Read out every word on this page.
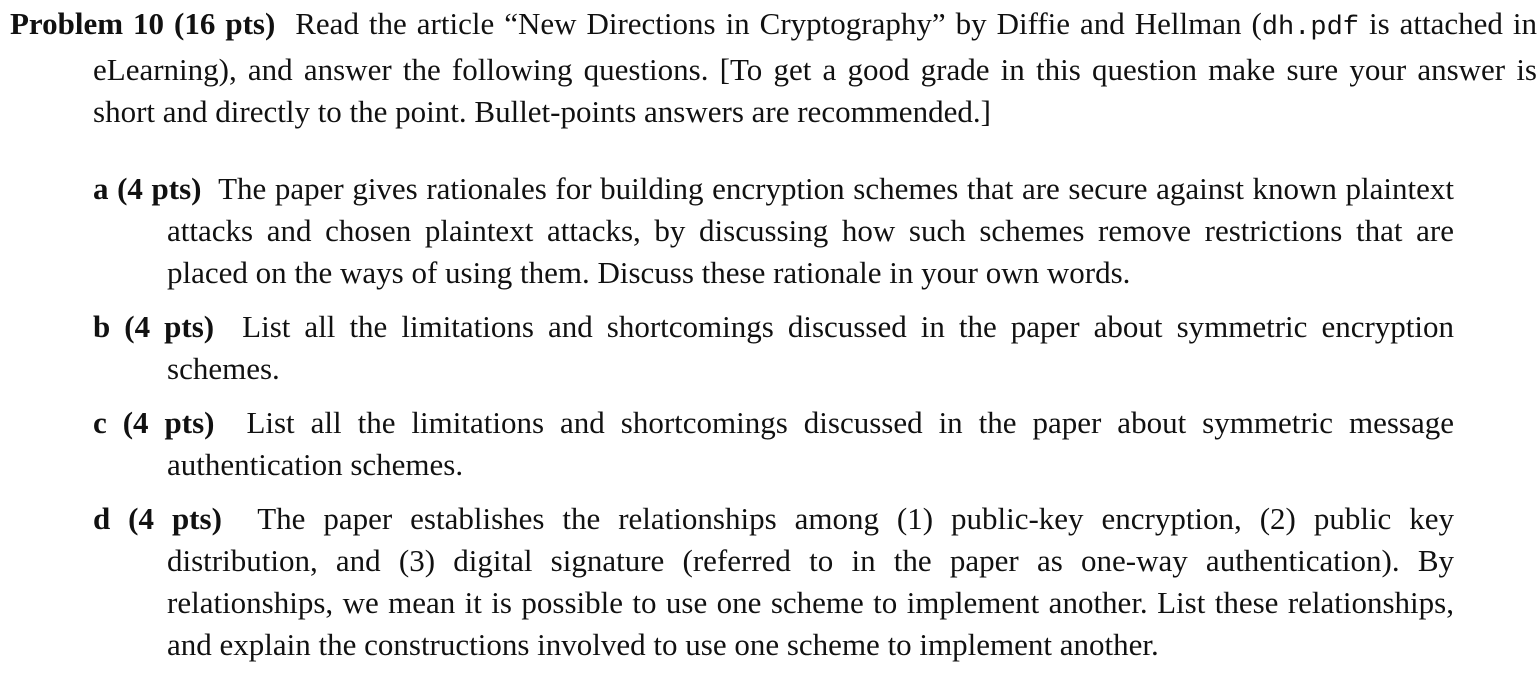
Problem 10 (16 pts) Read the article “New Directions in Cryptography” by Diffie and Hellman (dh.pdf is attached in eLearning), and answer the following questions. [To get a good grade in this question make sure your answer is short and directly to the point. Bullet-points answers are recommended.]
a (4 pts) The paper gives rationales for building encryption schemes that are secure against known plaintext attacks and chosen plaintext attacks, by discussing how such schemes remove restrictions that are placed on the ways of using them. Discuss these rationale in your own words.
b (4 pts) List all the limitations and shortcomings discussed in the paper about symmetric encryption schemes.
c (4 pts) List all the limitations and shortcomings discussed in the paper about symmetric message authentication schemes.
d (4 pts) The paper establishes the relationships among (1) public-key encryption, (2) public key distribution, and (3) digital signature (referred to in the paper as one-way authentication). By relationships, we mean it is possible to use one scheme to implement another. List these relationships, and explain the constructions involved to use one scheme to implement another.
